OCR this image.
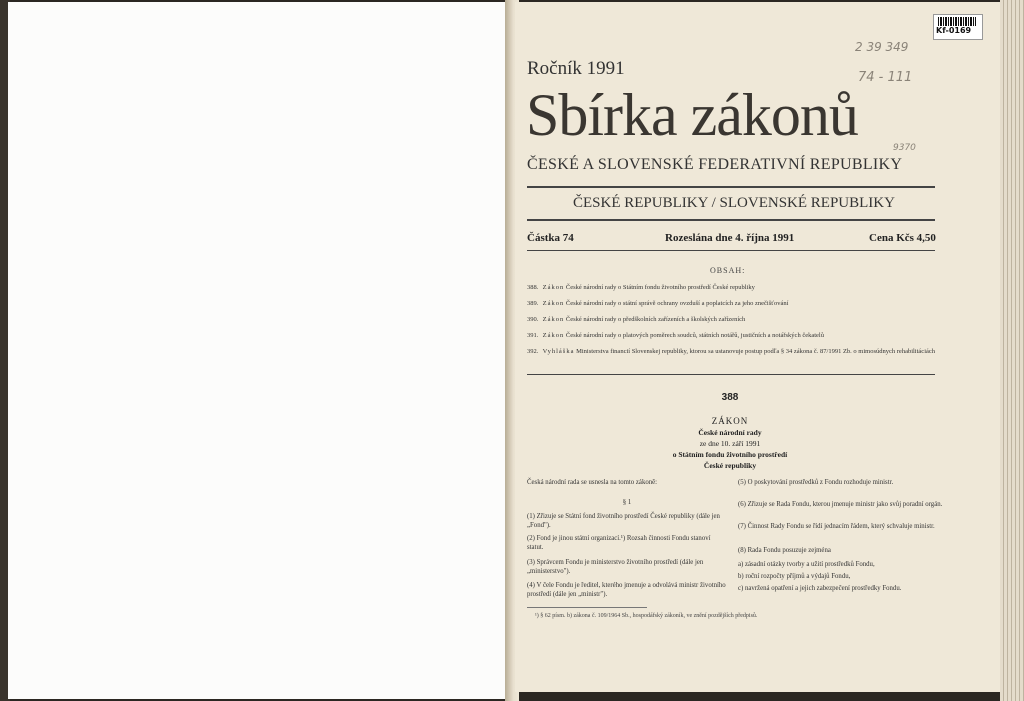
Kf-0169
2 39 349
74 - 111
9370
Ročník 1991
Sbírka zákonů
ČESKÉ A SLOVENSKÉ FEDERATIVNÍ REPUBLIKY
ČESKÉ REPUBLIKY / SLOVENSKÉ REPUBLIKY
Částka 74	Rozeslána dne 4. října 1991	Cena Kčs 4,50
OBSAH:
388. Zákon České národní rady o Státním fondu životního prostředí České republiky
389. Zákon České národní rady o státní správě ochrany ovzduší a poplatcích za jeho znečišťování
390. Zákon České národní rady o předškolních zařízeních a školských zařízeních
391. Zákon České národní rady o platových poměrech soudců, státních notářů, justičních a notářských čekatelů
392. Vyhláška Ministerstva financií Slovenskej republiky, ktorou sa ustanovuje postup podľa § 34 zákona č. 87/1991 Zb. o mimosúdnych rehabilitáciách
388
ZÁKON
České národní rady
ze dne 10. září 1991
o Státním fondu životního prostředí
České republiky
Česká národní rada se usnesla na tomto zákoně:
§ 1
(1) Zřizuje se Státní fond životního prostředí České republiky (dále jen „Fond").
(2) Fond je jinou státní organizací.¹) Rozsah činnosti Fondu stanoví statut.
(3) Správcem Fondu je ministerstvo životního prostředí (dále jen „ministerstvo").
(4) V čele Fondu je ředitel, kterého jmenuje a odvolává ministr životního prostředí (dále jen „ministr").
(5) O poskytování prostředků z Fondu rozhoduje ministr.
(6) Zřizuje se Rada Fondu, kterou jmenuje ministr jako svůj poradní orgán.
(7) Činnost Rady Fondu se řídí jednacím řádem, který schvaluje ministr.
(8) Rada Fondu posuzuje zejména
a) zásadní otázky tvorby a užití prostředků Fondu,
b) roční rozpočty příjmů a výdajů Fondu,
c) navržená opatření a jejich zabezpečení prostředky Fondu.
¹) § 62 písm. b) zákona č. 109/1964 Sb., hospodářský zákoník, ve znění pozdějších předpisů.
